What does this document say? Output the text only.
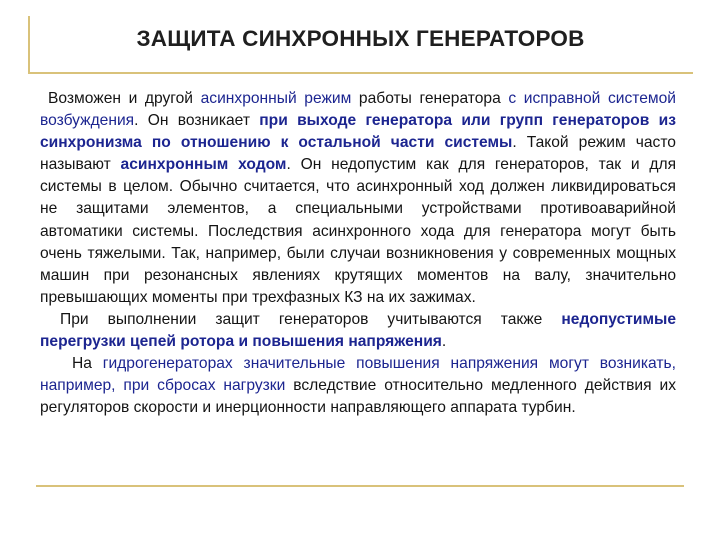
ЗАЩИТА СИНХРОННЫХ ГЕНЕРАТОРОВ

Возможен и другой асинхронный режим работы генератора с исправной системой возбуждения. Он возникает при выходе генератора или групп генераторов из синхронизма по отношению к остальной части системы. Такой режим часто называют асинхронным ходом. Он недопустим как для генераторов, так и для системы в целом. Обычно считается, что асинхронный ход должен ликвидироваться не защитами элементов, а специальными устройствами противоаварийной автоматики системы. Последствия асинхронного хода для генератора могут быть очень тяжелыми. Так, например, были случаи возникновения у современных мощных машин при резонансных явлениях крутящих моментов на валу, значительно превышающих моменты при трехфазных КЗ на их зажимах.

При выполнении защит генераторов учитываются также недопустимые перегрузки цепей ротора и повышения напряжения.

На гидрогенераторах значительные повышения напряжения могут возникать, например, при сбросах нагрузки вследствие относительно медленного действия их регуляторов скорости и инерционности направляющего аппарата турбин.
